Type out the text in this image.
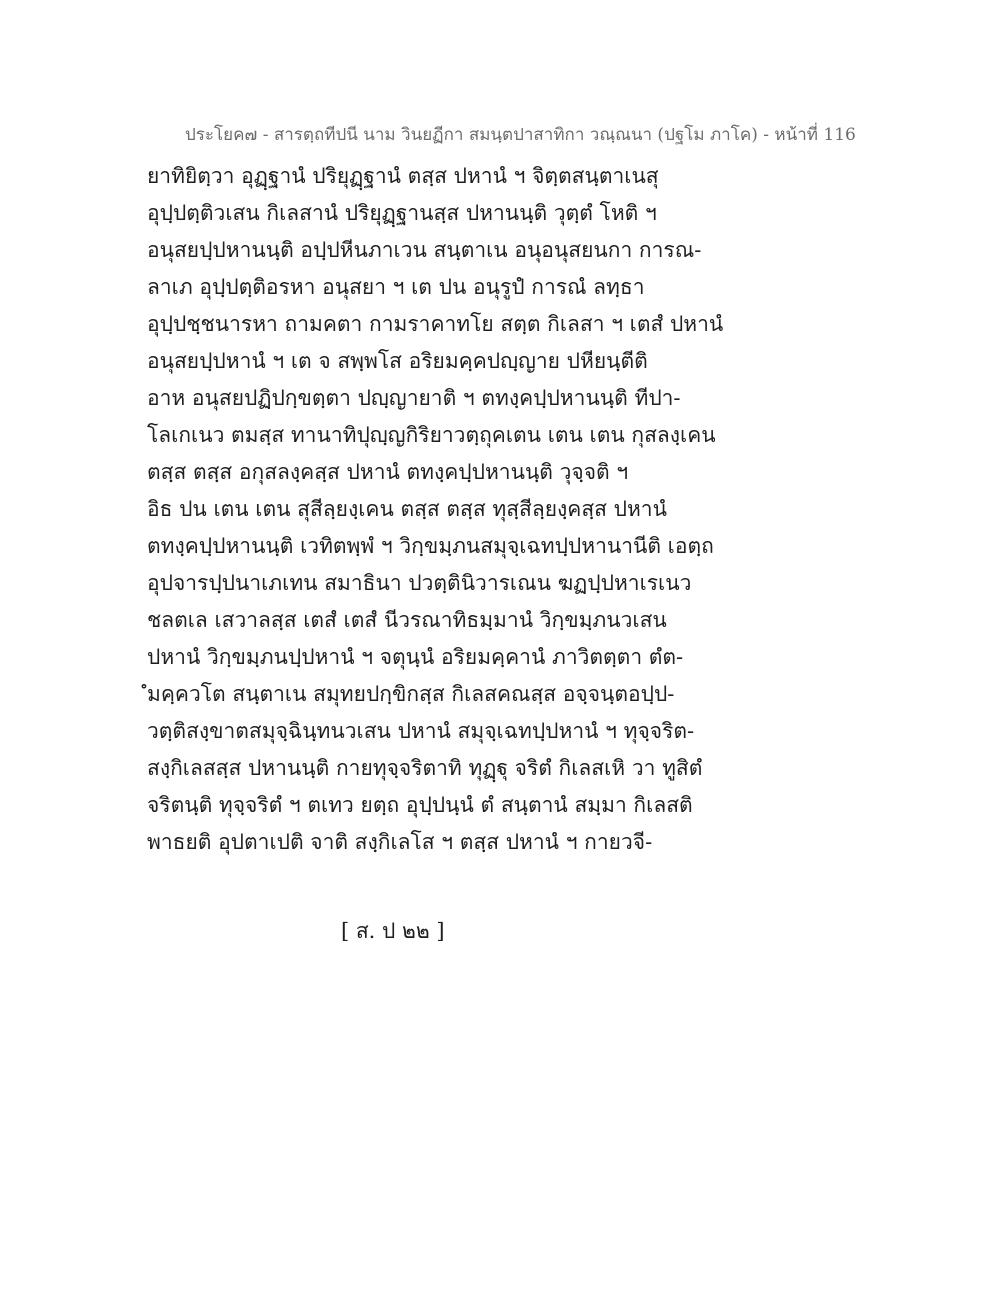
ประโยค๗ - สารตฺถทีปนี นาม วินยฏีกา สมนฺตปาสาทิกา วณฺณนา (ปฐโม ภาโค) - หน้าที่ 116
ยาทิยิตฺวา อุฏฺฐานํ ปริยุฏฺฐานํ ตสฺส ปหานํ ฯ จิตฺตสนฺตาเนสุ
อุปฺปตฺติวเสน กิเลสานํ ปริยุฏฺฐานสฺส ปหานนฺติ วุตฺตํ โหติ ฯ
อนุสยปฺปหานนฺติ อปฺปหีนภาเวน สนฺตาเน อนุอนุสยนกา การณ-
ลาเภ อุปฺปตฺติอรหา อนุสยา ฯ เต ปน อนุรูปํ การณํ ลทฺธา
อุปฺปชฺชนารหา ถามคตา กามราคาทโย สตฺต กิเลสา ฯ เตสํ ปหานํ
อนุสยปฺปหานํ ฯ เต จ สพฺพโส อริยมคฺคปญฺญาย ปหียนฺตีติ
อาห อนุสยปฏิปกฺขตฺตา ปญฺญายาติ ฯ ตทงฺคปฺปหานนฺติ ทีปา-
โลเกเนว ตมสฺส ทานาทิปุญฺญกิริยาวตฺถุคเตน เตน เตน กุสลงฺเคน
ตสฺส ตสฺส อกุสลงฺคสฺส ปหานํ ตทงฺคปฺปหานนฺติ วุจฺจติ ฯ
อิธ ปน เตน เตน สุสีลฺยงฺเคน ตสฺส ตสฺส ทุสฺสีลฺยงฺคสฺส ปหานํ
ตทงฺคปฺปหานนฺติ เวทิตพฺพํ ฯ วิกฺขมฺภนสมุจฺเฉทปฺปหานานีติ เอตฺถ
อุปจารปฺปนาเภเทน สมาธินา ปวตฺตินิวารเณน ฆฏปฺปหาเรเนว
ชลตเล เสวาลสฺส เตสํ เตสํ นีวรณาทิธมฺมานํ วิกฺขมฺภนวเสน
ปหานํ วิกฺขมฺภนปฺปหานํ ฯ จตุนฺนํ อริยมคฺคานํ ภาวิตตฺตา ตํต-
ํมคฺควโต สนฺตาเน สมุทยปกฺขิกสฺส กิเลสคณสฺส อจฺจนฺตอปฺป-
วตฺติสงฺขาตสมุจฺฉินฺทนวเสน ปหานํ สมุจฺเฉทปฺปหานํ ฯ ทุจฺจริต-
สงฺกิเลสสฺส ปหานนฺติ กายทุจฺจริตาทิ ทุฏฺฐุ จริตํ กิเลสเหิ วา ทูสิตํ
จริตนฺติ ทุจฺจริตํ ฯ ตเทว ยตฺถ อุปฺปนฺนํ ตํ สนฺตานํ สมฺมา กิเลสติ
พาธยติ อุปตาเปติ จาติ สงฺกิเลโส ฯ ตสฺส ปหานํ ฯ กายวจี-
[ ส. ป ๒๒ ]
